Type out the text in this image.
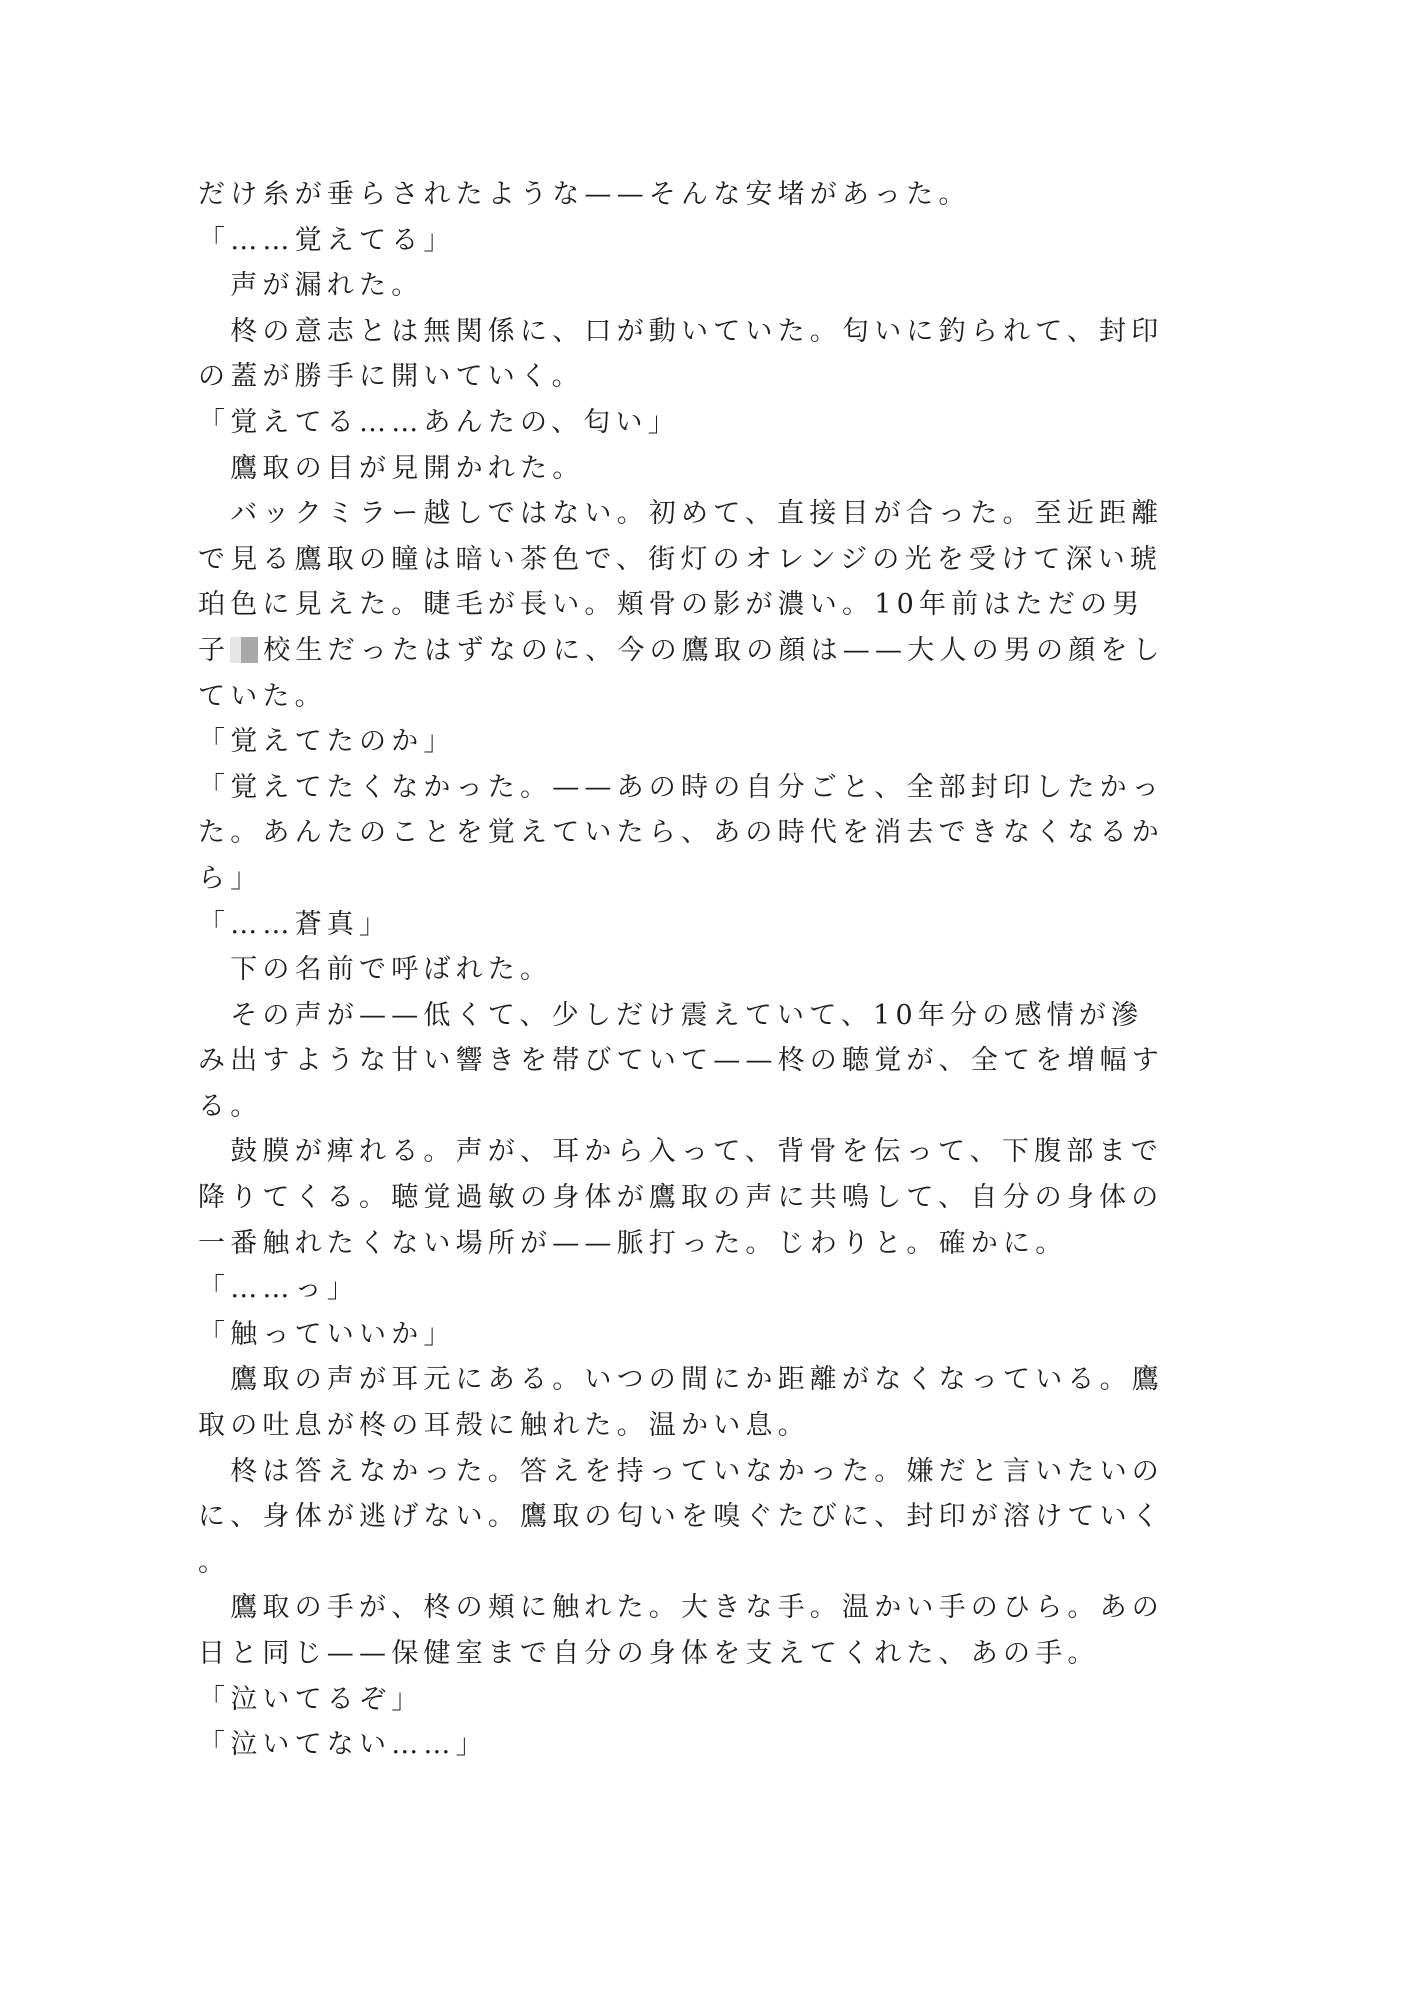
だけ糸が垂らされたような——そんな安堵があった。
「……覚えてる」
　声が漏れた。
　柊の意志とは無関係に、口が動いていた。匂いに釣られて、封印
の蓋が勝手に開いていく。
「覚えてる……あんたの、匂い」
　鷹取の目が見開かれた。
　バックミラー越しではない。初めて、直接目が合った。至近距離
で見る鷹取の瞳は暗い茶色で、街灯のオレンジの光を受けて深い琥
珀色に見えた。睫毛が長い。頬骨の影が濃い。10年前はただの男
子 校生だったはずなのに、今の鷹取の顔は——大人の男の顔をし
ていた。
「覚えてたのか」
「覚えてたくなかった。——あの時の自分ごと、全部封印したかっ
た。あんたのことを覚えていたら、あの時代を消去できなくなるか
ら」
「……蒼真」
　下の名前で呼ばれた。
　その声が——低くて、少しだけ震えていて、10年分の感情が滲
み出すような甘い響きを帯びていて——柊の聴覚が、全てを増幅す
る。
　鼓膜が痺れる。声が、耳から入って、背骨を伝って、下腹部まで
降りてくる。聴覚過敏の身体が鷹取の声に共鳴して、自分の身体の
一番触れたくない場所が——脈打った。じわりと。確かに。
「……っ」
「触っていいか」
　鷹取の声が耳元にある。いつの間にか距離がなくなっている。鷹
取の吐息が柊の耳殻に触れた。温かい息。
　柊は答えなかった。答えを持っていなかった。嫌だと言いたいの
に、身体が逃げない。鷹取の匂いを嗅ぐたびに、封印が溶けていく
。
　鷹取の手が、柊の頬に触れた。大きな手。温かい手のひら。あの
日と同じ——保健室まで自分の身体を支えてくれた、あの手。
「泣いてるぞ」
「泣いてない……」
